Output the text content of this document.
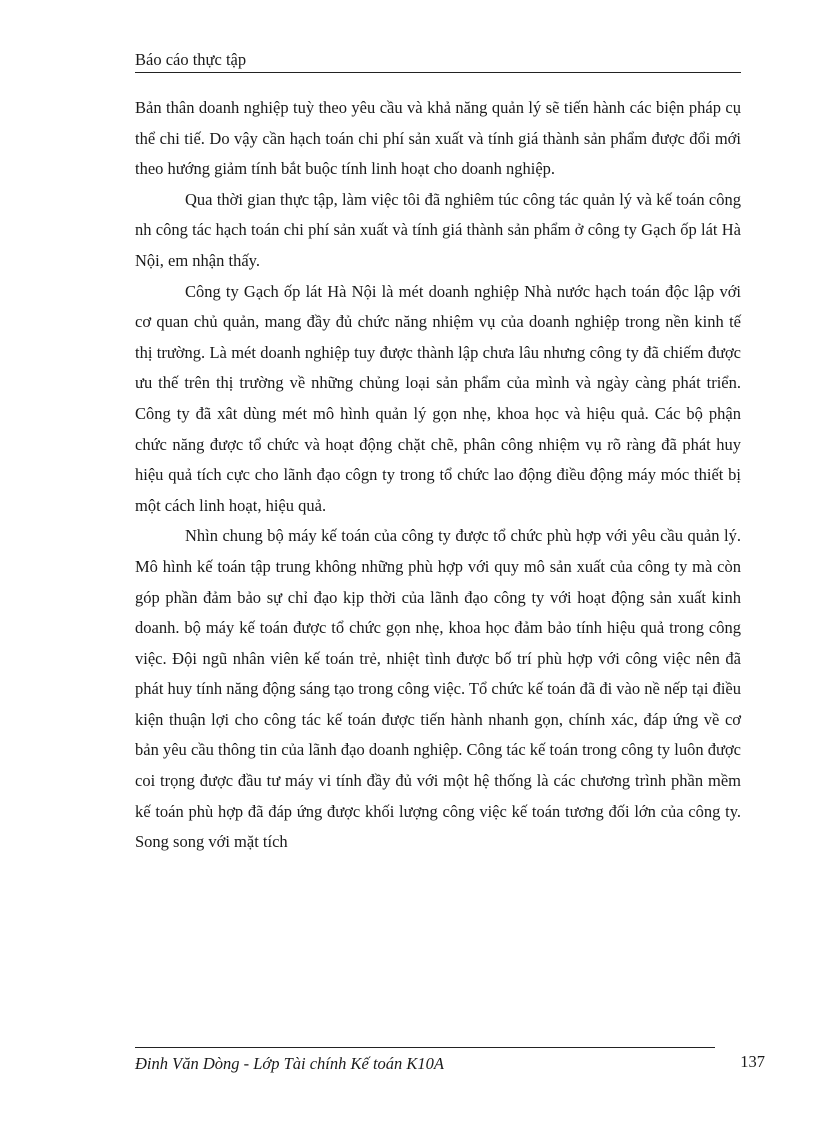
Báo cáo thực tập

Bản thân doanh nghiệp tuỳ theo yêu cầu và khả năng quản lý sẽ tiến hành các biện pháp cụ thể chi tiế. Do vậy cần hạch toán chi phí sản xuất và tính giá thành sản phẩm được đổi mới theo hướng giảm tính bắt buộc tính linh hoạt cho doanh nghiệp.

Qua thời gian thực tập, làm việc tôi đã nghiêm túc công tác quản lý và kế toán công nh công tác hạch toán chi phí sản xuất và tính giá thành sản phẩm ở công ty Gạch ốp lát Hà Nội, em nhận thấy.

Công ty Gạch ốp lát Hà Nội là mét doanh nghiệp Nhà nước hạch toán độc lập với cơ quan chủ quản, mang đầy đủ chức năng nhiệm vụ của doanh nghiệp trong nền kinh tế thị trường. Là mét doanh nghiệp tuy được thành lập chưa lâu nhưng công ty đã chiếm được ưu thế trên thị trường về những chủng loại sản phẩm của mình và ngày càng phát triển. Công ty đã xât dùng mét mô hình quản lý gọn nhẹ, khoa học và hiệu quả. Các bộ phận chức năng được tổ chức và hoạt động chặt chẽ, phân công nhiệm vụ rõ ràng đã phát huy hiệu quả tích cực cho lãnh đạo côgn ty trong tổ chức lao động điều động máy móc thiết bị một cách linh hoạt, hiệu quả.

Nhìn chung bộ máy kế toán của công ty được tổ chức phù hợp với yêu cầu quản lý. Mô hình kế toán tập trung không những phù hợp với quy mô sản xuất của công ty mà còn góp phần đảm bảo sự chỉ đạo kịp thời của lãnh đạo công ty với hoạt động sản xuất kinh doanh. bộ máy kế toán được tổ chức gọn nhẹ, khoa học đảm bảo tính hiệu quả trong công việc. Đội ngũ nhân viên kế toán trẻ, nhiệt tình được bố trí phù hợp với công việc nên đã phát huy tính năng động sáng tạo trong công việc. Tổ chức kế toán đã đi vào nề nếp tại điều kiện thuận lợi cho công tác kế toán được tiến hành nhanh gọn, chính xác, đáp ứng về cơ bản yêu cầu thông tin của lãnh đạo doanh nghiệp. Công tác kế toán trong công ty luôn được coi trọng được đầu tư máy vi tính đầy đủ với một hệ thống là các chương trình phần mềm kế toán phù hợp đã đáp ứng được khối lượng công việc kế toán tương đối lớn của công ty. Song song với mặt tích

Đinh Văn Dòng - Lớp Tài chính Kế toán K10A	137
